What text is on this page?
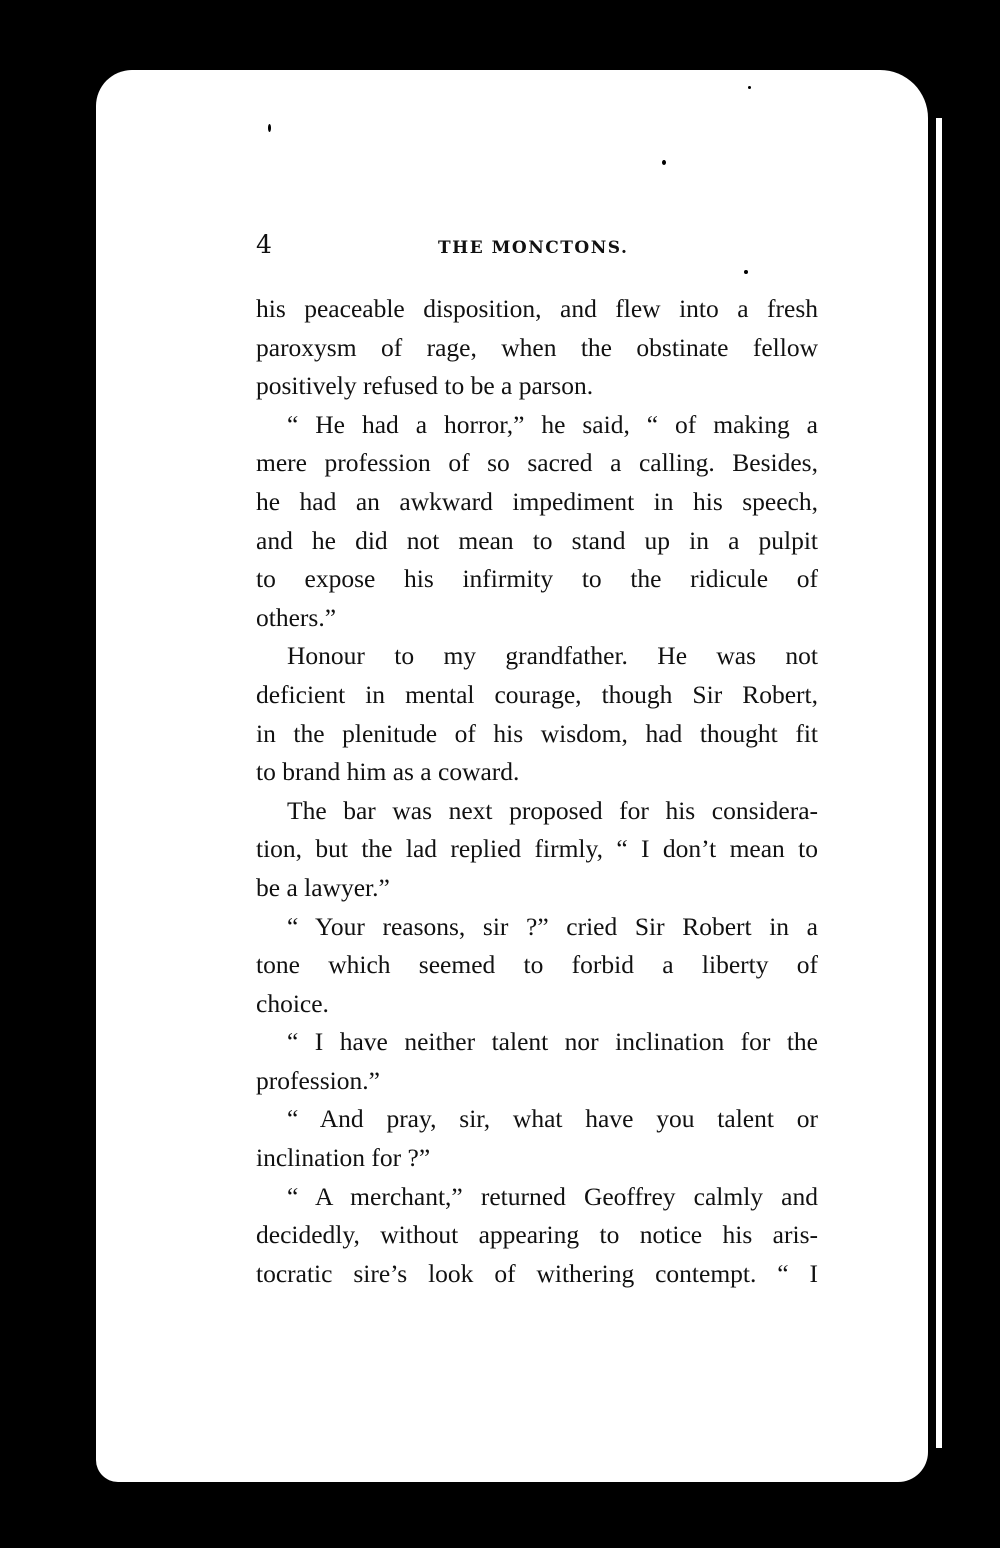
4	THE MONCTONS.
his peaceable disposition, and flew into a fresh
paroxysm of rage, when the obstinate fellow
positively refused to be a parson.
“ He had a horror,” he said, “ of making a
mere profession of so sacred a calling. Besides,
he had an awkward impediment in his speech,
and he did not mean to stand up in a pulpit
to expose his infirmity to the ridicule of
others.”
Honour to my grandfather. He was not
deficient in mental courage, though Sir Robert,
in the plenitude of his wisdom, had thought fit
to brand him as a coward.
The bar was next proposed for his considera-
tion, but the lad replied firmly, “ I don’t mean to
be a lawyer.”
“ Your reasons, sir ?” cried Sir Robert in a
tone which seemed to forbid a liberty of
choice.
“ I have neither talent nor inclination for the
profession.”
“ And pray, sir, what have you talent or
inclination for ?”
“ A merchant,” returned Geoffrey calmly and
decidedly, without appearing to notice his aris-
tocratic sire’s look of withering contempt. “ I
